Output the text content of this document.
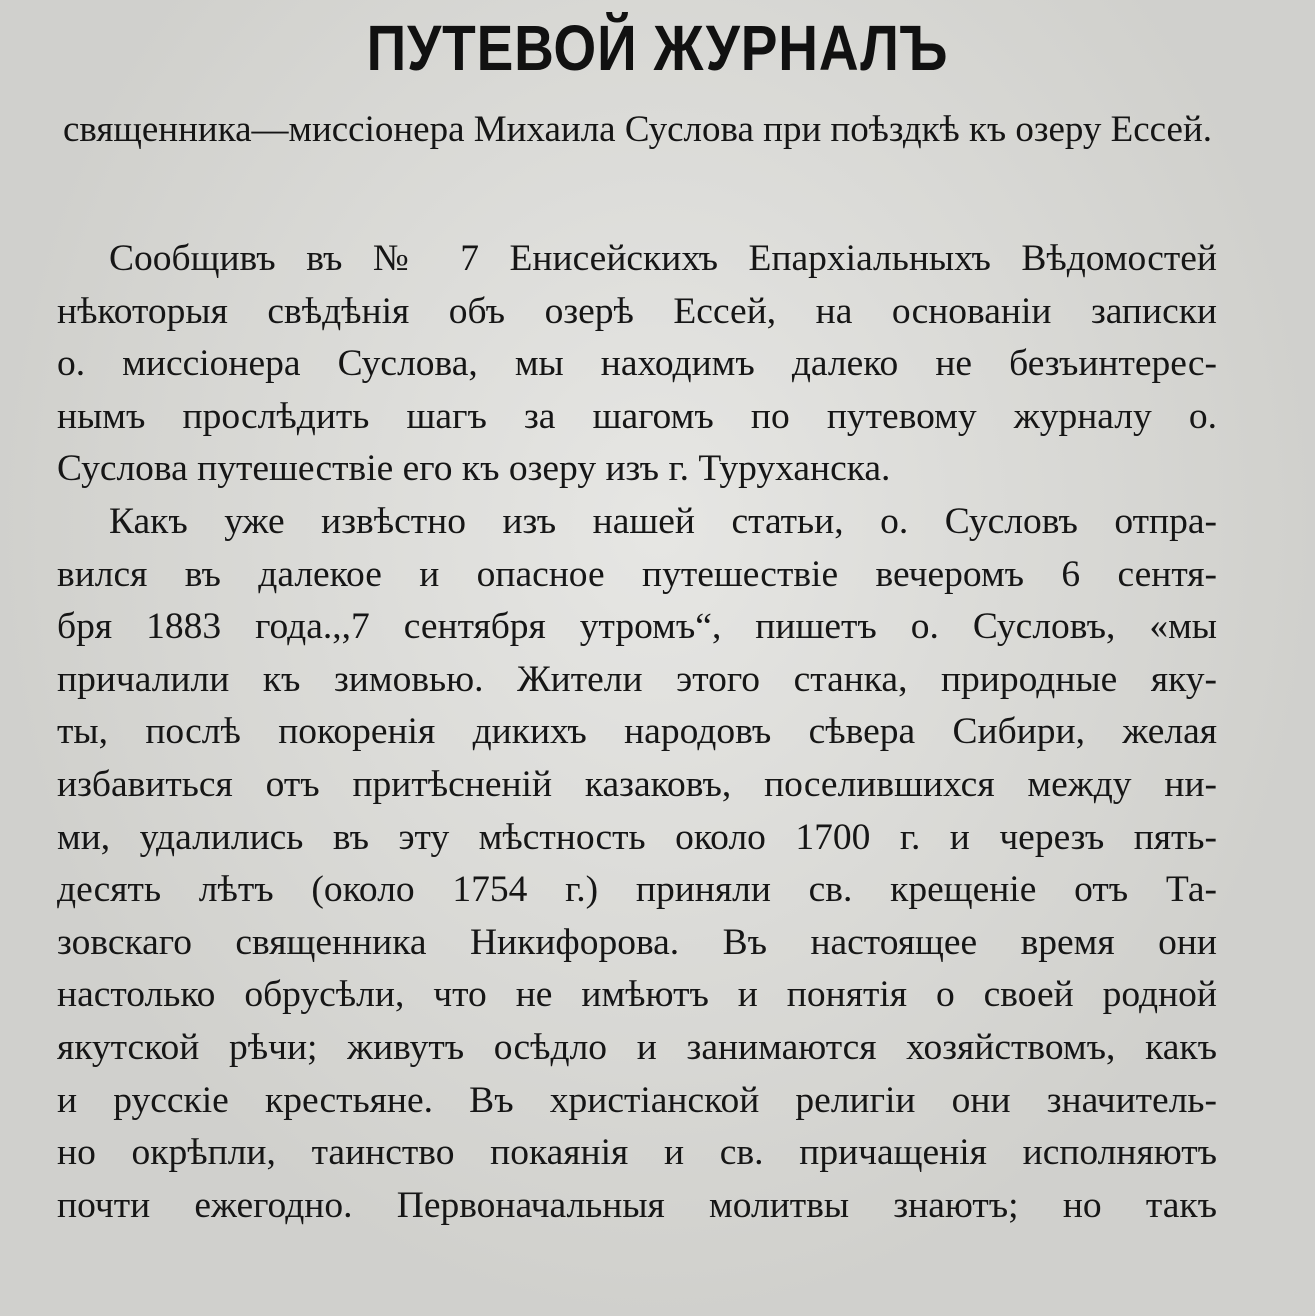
ПУТЕВОЙ ЖУРНАЛЪ
священника—миссіонера Михаила Суслова при поѣздкѣ къ озеру Ессей.
Сообщивъ въ № 7 Енисейскихъ Епархіальныхъ Вѣдомостей
нѣкоторыя свѣдѣнія объ озерѣ Ессей, на основаніи записки
о. миссіонера Суслова, мы находимъ далеко не безъинтерес-
нымъ прослѣдить шагъ за шагомъ по путевому журналу о.
Суслова путешествіе его къ озеру изъ г. Туруханска.
Какъ уже извѣстно изъ нашей статьи, о. Сусловъ отпра-
вился въ далекое и опасное путешествіе вечеромъ 6 сентя-
бря 1883 года.,,7 сентября утромъ“, пишетъ о. Сусловъ, «мы
причалили къ зимовью. Жители этого станка, природные яку-
ты, послѣ покоренія дикихъ народовъ сѣвера Сибири, желая
избавиться отъ притѣсненій казаковъ, поселившихся между ни-
ми, удалились въ эту мѣстность около 1700 г. и черезъ пять-
десять лѣтъ (около 1754 г.) приняли св. крещеніе отъ Та-
зовскаго священника Никифорова. Въ настоящее время они
настолько обрусѣли, что не имѣютъ и понятія о своей родной
якутской рѣчи; живутъ осѣдло и занимаются хозяйствомъ, какъ
и русскіе крестьяне. Въ христіанской религіи они значитель-
но окрѣпли, таинство покаянія и св. причащенія исполняютъ
почти ежегодно. Первоначальныя молитвы знаютъ; но такъ
